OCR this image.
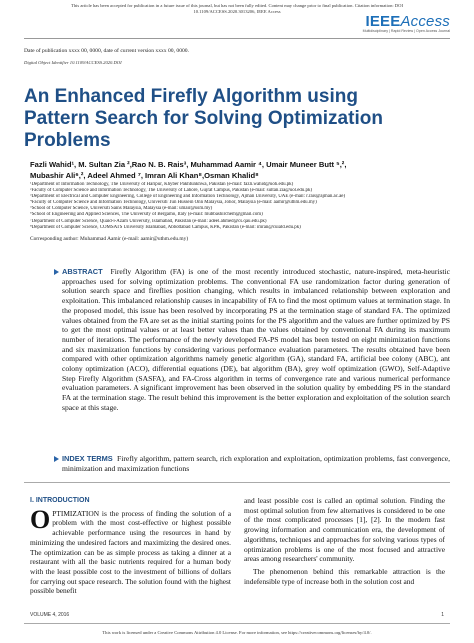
This article has been accepted for publication in a future issue of this journal, but has not been fully edited. Content may change prior to final publication. Citation information: DOI
10.1109/ACCESS.2020.3013206, IEEE Access
IEEEAccess
Multidisciplinary | Rapid Review | Open Access Journal
Date of publication xxxx 00, 0000, date of current version xxxx 00, 0000.
Digital Object Identifier 10.1109/ACCESS.2020.DOI
An Enhanced Firefly Algorithm using Pattern Search for Solving Optimization Problems
Fazli Wahid¹, M. Sultan Zia ²,Rao N. B. Rais³, Muhammad Aamir ⁴, Umair Muneer Butt ⁵,²,
Mubashir Ali⁶,², Adeel Ahmed ⁷, Imran Ali Khan⁸,Osman Khalid⁸
¹Department of Information Technology, The University of Haripur, Khyber Pakhtunkhwa, Pakistan (e-mail: fazli.wahid@uoh.edu.pk)
²Faculty of Computer Science and Information Technology, The University of Lahore, Gujrat Campus, Pakistan (e-mail: sultan.zia@uol.edu.pk)
³Department of Electrical and Computer Engineering, College of Engineering and Information Technology, Ajman University, UAE (e-mail: r.rais@ajman.ac.ae)
⁴Faculty of Computer Science and Information Technology, Universiti Tun Hussein Onn Malaysia, Johor, Malaysia (e-mail: aamir@uthm.edu.my)
⁵School of Computer Science, Universiti Sains Malaysia, Malaysia (e-mail: umair@usm.my)
⁶School of Engineering and Applied Sciences, The University of Bergamo, Italy (e-mail: mubbashirchem@gmail.com)
⁷Department of Computer Science, Quaid-i-Azam University, Islamabad, Pakistan (e-mail: adeel.ahmed@cs.qau.edu.pk)
⁸Department of Computer Science, COMSATS University Islamabad, Abbottabad Campus, KPK, Pakistan (e-mail: imran@cuiatd.edu.pk)
Corresponding author: Muhammad Aamir (e-mail: aamir@uthm.edu.my)
ABSTRACT Firefly Algorithm (FA) is one of the most recently introduced stochastic, nature-inspired, meta-heuristic approaches used for solving optimization problems. The conventional FA use randomization factor during generation of solution search space and fireflies position changing, which results in imbalanced relationship between exploration and exploitation. This imbalanced relationship causes in incapability of FA to find the most optimum values at termination stage. In the proposed model, this issue has been resolved by incorporating PS at the termination stage of standard FA. The optimized values obtained from the FA are set as the initial starting points for the PS algorithm and the values are further optimized by PS to get the most optimal values or at least better values than the values obtained by conventional FA during its maximum number of iterations. The performance of the newly developed FA-PS model has been tested on eight minimization functions and six maximization functions by considering various performance evaluation parameters. The results obtained have been compared with other optimization algorithms namely genetic algorithm (GA), standard FA, artificial bee colony (ABC), ant colony optimization (ACO), differential equations (DE), bat algorithm (BA), grey wolf optimization (GWO), Self-Adaptive Step Firefly Algorithm (SASFA), and FA-Cross algorithm in terms of convergence rate and various numerical performance evaluation parameters. A significant improvement has been observed in the solution quality by embedding PS in the standard FA at the termination stage. The result behind this improvement is the better exploration and exploitation of the solution search space at this stage.
INDEX TERMS Firefly algorithm, pattern search, rich exploration and exploitation, optimization problems, fast convergence, minimization and maximization functions
I. INTRODUCTION

OPTIMIZATION is the process of finding the solution of a problem with the most cost-effective or highest possible achievable performance using the resources in hand by minimizing the undesired factors and maximizing the desired ones. The optimization can be as simple process as taking a dinner at a restaurant with all the basic nutrients required for a human body with the least possible cost to the investment of billions of dollars for carrying out space research. The solution found with the highest possible benefit

and least possible cost is called an optimal solution. Finding the most optimal solution from few alternatives is considered to be one of the most complicated processes [1], [2]. In the modern fast growing information and communication era, the development of algorithms, techniques and approaches for solving various types of optimization problems is one of the most focused and attractive areas among researchers' community.

The phenomenon behind this remarkable attraction is the indefensible type of increase both in the solution cost and

VOLUME 4, 2016	1
This work is licensed under a Creative Commons Attribution 4.0 License. For more information, see https://creativecommons.org/licenses/by/4.0/.
